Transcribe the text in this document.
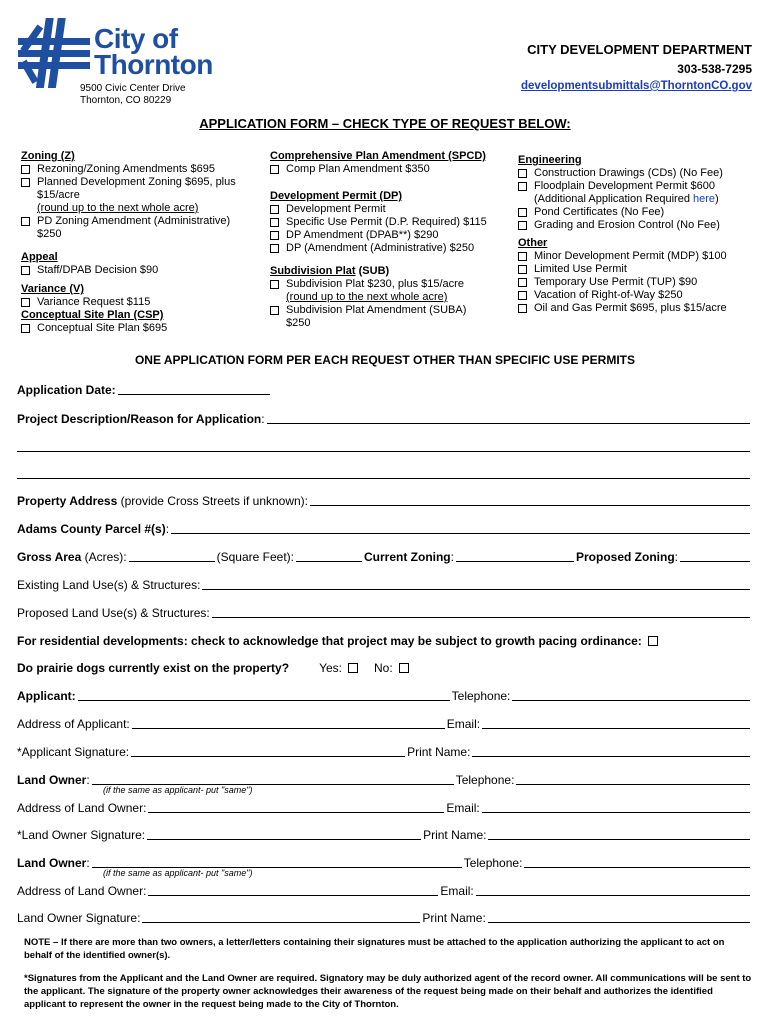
City of
Thornton
9500 Civic Center Drive
Thornton, CO 80229
CITY DEVELOPMENT DEPARTMENT
303-538-7295
developmentsubmittals@ThorntonCO.gov
APPLICATION FORM – CHECK TYPE OF REQUEST BELOW:
Zoning (Z)
Rezoning/Zoning Amendments $695
Planned Development Zoning $695, plus
$15/acre
(round up to the next whole acre)
PD Zoning Amendment (Administrative)
$250
Appeal
Staff/DPAB Decision $90
Variance (V)
Variance Request $115
Conceptual Site Plan (CSP)
Conceptual Site Plan $695
Comprehensive Plan Amendment (SPCD)
Comp Plan Amendment $350
Development Permit (DP)
Development Permit
Specific Use Permit (D.P. Required) $115
DP Amendment (DPAB**) $290
DP (Amendment (Administrative) $250
Subdivision Plat (SUB)
Subdivision Plat $230, plus $15/acre
(round up to the next whole acre)
Subdivision Plat Amendment (SUBA)
$250
Engineering
Construction Drawings (CDs) (No Fee)
Floodplain Development Permit $600
(Additional Application Required here)
Pond Certificates (No Fee)
Grading and Erosion Control (No Fee)
Other
Minor Development Permit (MDP) $100
Limited Use Permit
Temporary Use Permit (TUP) $90
Vacation of Right-of-Way $250
Oil and Gas Permit $695, plus $15/acre
ONE APPLICATION FORM PER EACH REQUEST OTHER THAN SPECIFIC USE PERMITS
Application Date:
Project Description/Reason for Application:
Property Address (provide Cross Streets if unknown):
Adams County Parcel #(s):
Gross Area (Acres):	(Square Feet):	Current Zoning:	Proposed Zoning:
Existing Land Use(s) & Structures:
Proposed Land Use(s) & Structures:
For residential developments: check to acknowledge that project may be subject to growth pacing ordinance:
Do prairie dogs currently exist on the property?	Yes:	No:
Applicant:	Telephone:
Address of Applicant:	Email:
*Applicant Signature:	Print Name:
Land Owner:	Telephone:
(if the same as applicant- put "same")
Address of Land Owner:	Email:
*Land Owner Signature:	Print Name:
Land Owner:	Telephone:
(if the same as applicant- put "same")
Address of Land Owner:	Email:
Land Owner Signature:	Print Name:
NOTE – If there are more than two owners, a letter/letters containing their signatures must be attached to the application authorizing the applicant to act on behalf of the identified owner(s).
*Signatures from the Applicant and the Land Owner are required. Signatory may be duly authorized agent of the record owner. All communications will be sent to the applicant. The signature of the property owner acknowledges their awareness of the request being made on their behalf and authorizes the identified applicant to represent the owner in the request being made to the City of Thornton.
